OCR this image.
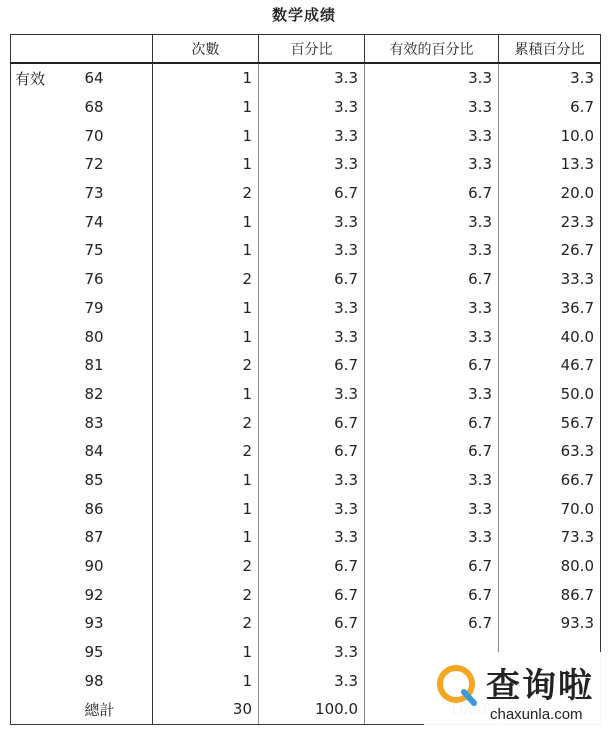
数学成绩
		次數	百分比	有效的百分比	累積百分比
有效	64	1	3.3	3.3	3.3
	68	1	3.3	3.3	6.7
	70	1	3.3	3.3	10.0
	72	1	3.3	3.3	13.3
	73	2	6.7	6.7	20.0
	74	1	3.3	3.3	23.3
	75	1	3.3	3.3	26.7
	76	2	6.7	6.7	33.3
	79	1	3.3	3.3	36.7
	80	1	3.3	3.3	40.0
	81	2	6.7	6.7	46.7
	82	1	3.3	3.3	50.0
	83	2	6.7	6.7	56.7
	84	2	6.7	6.7	63.3
	85	1	3.3	3.3	66.7
	86	1	3.3	3.3	70.0
	87	1	3.3	3.3	73.3
	90	2	6.7	6.7	80.0
	92	2	6.7	6.7	86.7
	93	2	6.7	6.7	93.3
	95	1	3.3		
	98	1	3.3		
	總計	30	100.0		
查询啦
chaxunla.com
